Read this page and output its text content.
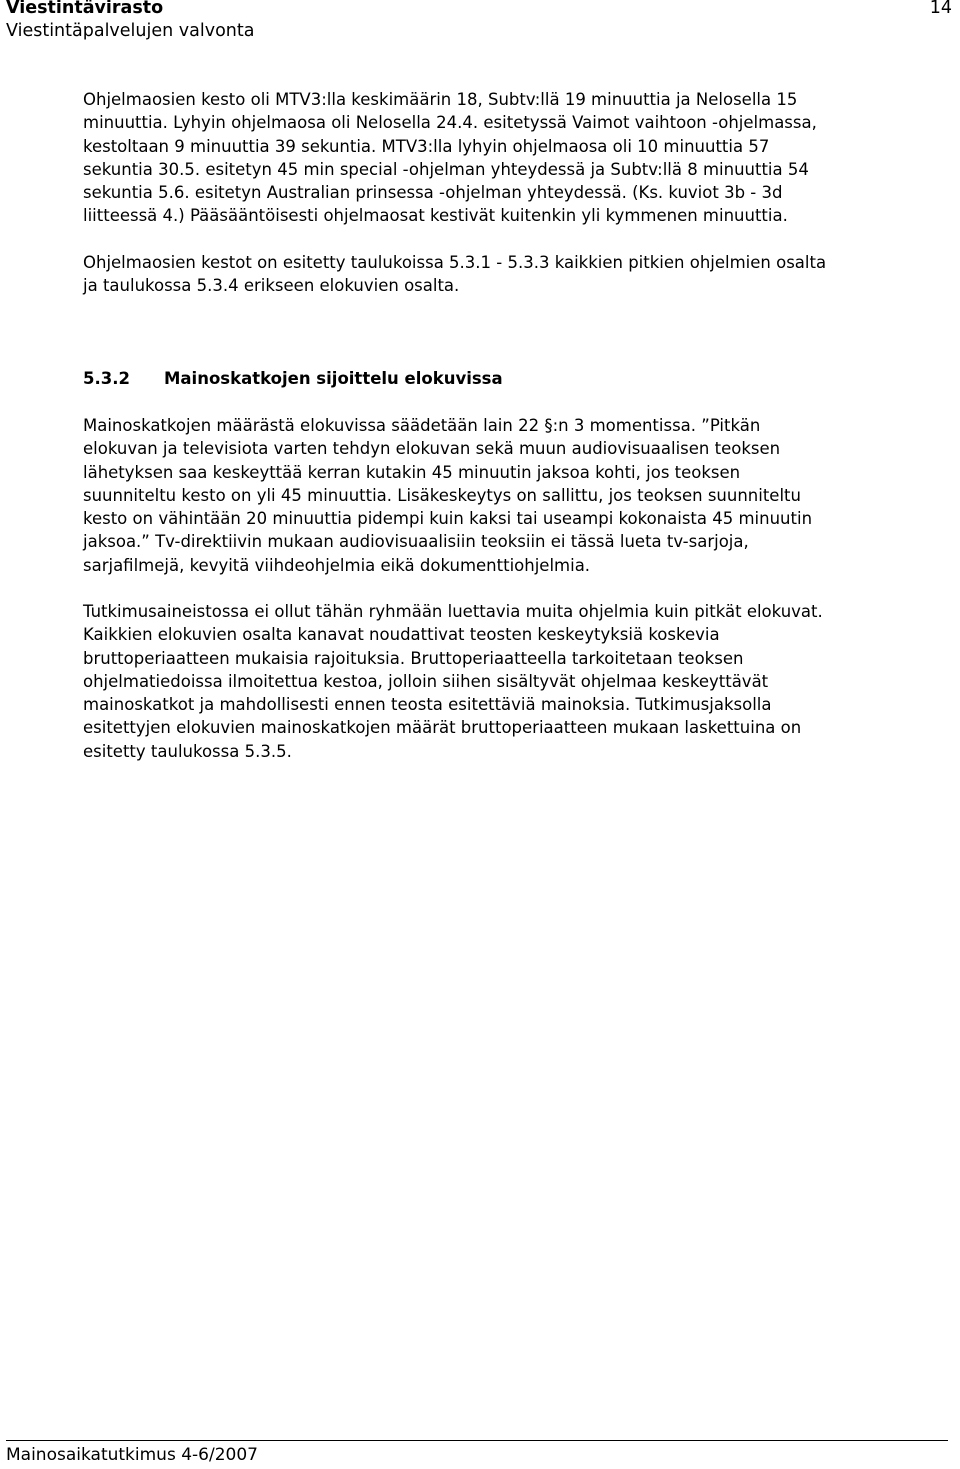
Viestintävirasto
Viestintäpalvelujen valvonta
14

Ohjelmaosien kesto oli MTV3:lla keskimäärin 18, Subtv:llä 19 minuuttia ja Nelosella 15
minuuttia. Lyhyin ohjelmaosa oli Nelosella 24.4. esitetyssä Vaimot vaihtoon -ohjelmassa,
kestoltaan 9 minuuttia 39 sekuntia. MTV3:lla lyhyin ohjelmaosa oli 10 minuuttia 57
sekuntia 30.5. esitetyn 45 min special -ohjelman yhteydessä ja Subtv:llä 8 minuuttia 54
sekuntia 5.6. esitetyn Australian prinsessa -ohjelman yhteydessä. (Ks. kuviot 3b - 3d
liitteessä 4.) Pääsääntöisesti ohjelmaosat kestivät kuitenkin yli kymmenen minuuttia.

Ohjelmaosien kestot on esitetty taulukoissa 5.3.1 - 5.3.3 kaikkien pitkien ohjelmien osalta
ja taulukossa 5.3.4 erikseen elokuvien osalta.

5.3.2 Mainoskatkojen sijoittelu elokuvissa

Mainoskatkojen määrästä elokuvissa säädetään lain 22 §:n 3 momentissa. ”Pitkän
elokuvan ja televisiota varten tehdyn elokuvan sekä muun audiovisuaalisen teoksen
lähetyksen saa keskeyttää kerran kutakin 45 minuutin jaksoa kohti, jos teoksen
suunniteltu kesto on yli 45 minuuttia. Lisäkeskeytys on sallittu, jos teoksen suunniteltu
kesto on vähintään 20 minuuttia pidempi kuin kaksi tai useampi kokonaista 45 minuutin
jaksoa.” Tv-direktiivin mukaan audiovisuaalisiin teoksiin ei tässä lueta tv-sarjoja,
sarjafilmejä, kevyitä viihdeohjelmia eikä dokumenttiohjelmia.

Tutkimusaineistossa ei ollut tähän ryhmään luettavia muita ohjelmia kuin pitkät elokuvat.
Kaikkien elokuvien osalta kanavat noudattivat teosten keskeytyksiä koskevia
bruttoperiaatteen mukaisia rajoituksia. Bruttoperiaatteella tarkoitetaan teoksen
ohjelmatiedoissa ilmoitettua kestoa, jolloin siihen sisältyvät ohjelmaa keskeyttävät
mainoskatkot ja mahdollisesti ennen teosta esitettäviä mainoksia. Tutkimusjaksolla
esitettyjen elokuvien mainoskatkojen määrät bruttoperiaatteen mukaan laskettuina on
esitetty taulukossa 5.3.5.

Mainosaikatutkimus 4-6/2007
